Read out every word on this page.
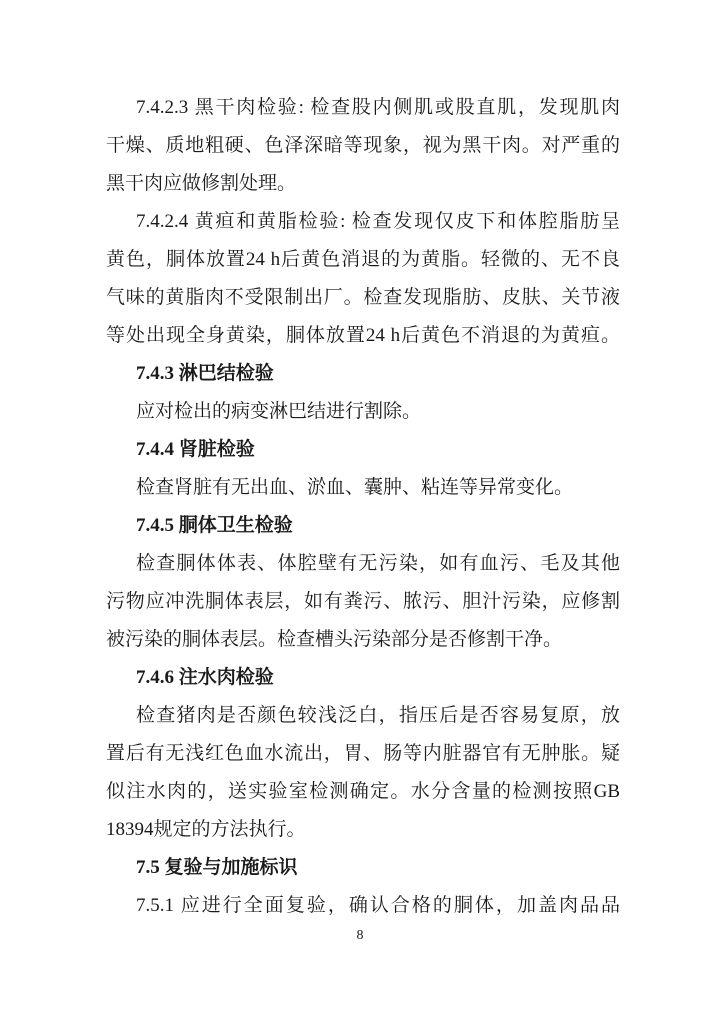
7.4.2.3 黑干肉检验: 检查股内侧肌或股直肌，发现肌肉
干燥、质地粗硬、色泽深暗等现象，视为黑干肉。对严重的
黑干肉应做修割处理。
7.4.2.4 黄疸和黄脂检验: 检查发现仅皮下和体腔脂肪呈
黄色，胴体放置24 h后黄色消退的为黄脂。轻微的、无不良
气味的黄脂肉不受限制出厂。检查发现脂肪、皮肤、关节液
等处出现全身黄染，胴体放置24 h后黄色不消退的为黄疸。
7.4.3 淋巴结检验
应对检出的病变淋巴结进行割除。
7.4.4 肾脏检验
检查肾脏有无出血、淤血、囊肿、粘连等异常变化。
7.4.5 胴体卫生检验
检查胴体体表、体腔壁有无污染，如有血污、毛及其他
污物应冲洗胴体表层，如有粪污、脓污、胆汁污染，应修割
被污染的胴体表层。检查槽头污染部分是否修割干净。
7.4.6 注水肉检验
检查猪肉是否颜色较浅泛白，指压后是否容易复原，放
置后有无浅红色血水流出，胃、肠等内脏器官有无肿胀。疑
似注水肉的，送实验室检测确定。水分含量的检测按照GB
18394规定的方法执行。
7.5 复验与加施标识
7.5.1 应进行全面复验，确认合格的胴体，加盖肉品品
8
